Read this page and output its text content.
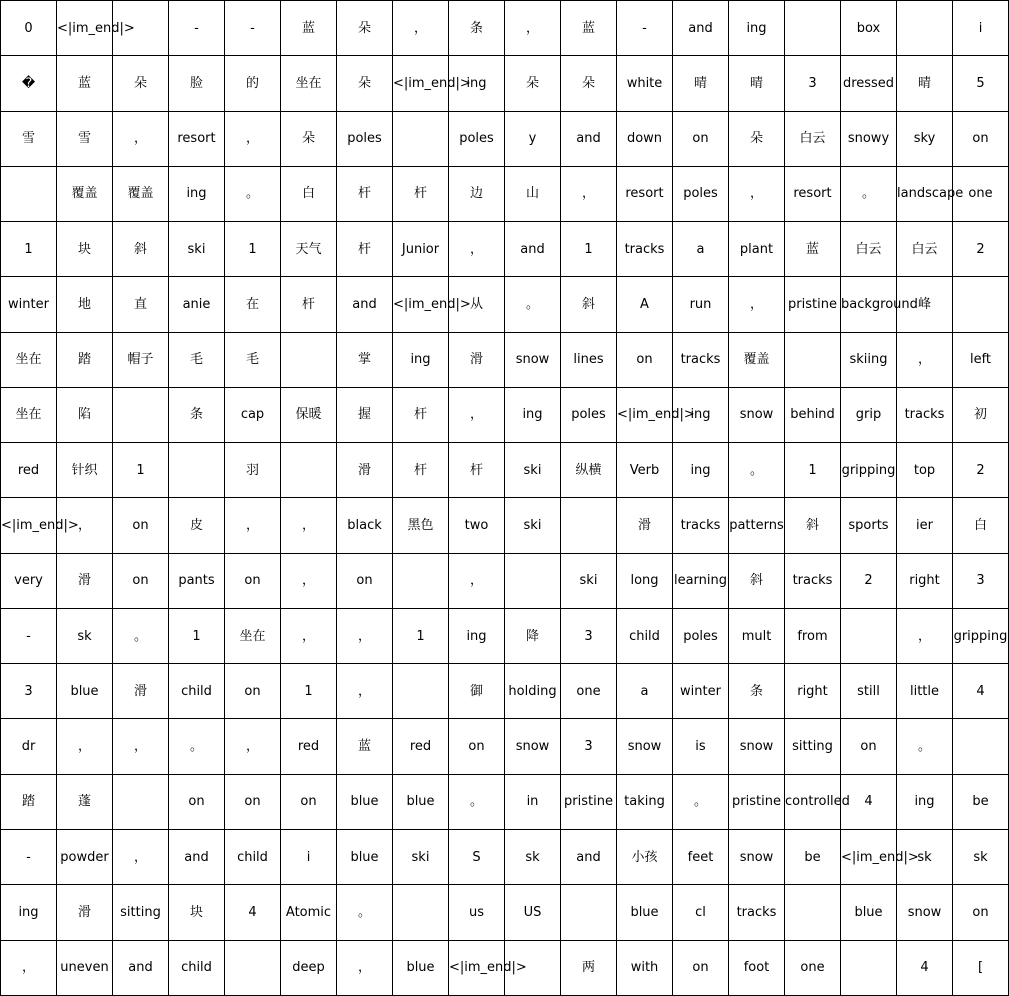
0	<|im_end|>		-	-	蓝	朵	，	条	，	蓝	-	and	ing		box		i
�	蓝	朵	脸	的	坐在	朵	<|im_end|>	ing	朵	朵	white	晴	晴	3	dressed	晴	5
雪	雪	，	resort	，	朵	poles		poles	y	and	down	on	朵	白云	snowy	sky	on
	覆盖	覆盖	ing	。	白	杆	杆	边	山	，	resort	poles	，	resort	。	landscape	one
1	块	斜	ski	1	天气	杆	Junior	，	and	1	tracks	a	plant	蓝	白云	白云	2
winter	地	直	anie	在	杆	and	<|im_end|>	从	。	斜	A	run	，	pristine	background	峰	
坐在	踏	帽子	毛	毛		掌	ing	滑	snow	lines	on	tracks	覆盖		skiing	，	left
坐在	陷		条	cap	保暖	握	杆	，	ing	poles	<|im_end|>	ing	snow	behind	grip	tracks	初
red	针织	1		羽		滑	杆	杆	ski	纵横	Verb	ing	。	1	gripping	top	2
<|im_end|>	，	on	皮	，	，	black	黑色	two	ski		滑	tracks	patterns	斜	sports	ier	白
very	滑	on	pants	on	，	on		，		ski	long	learning	斜	tracks	2	right	3
-	sk	。	1	坐在	，	，	1	ing	降	3	child	poles	mult	from		，	gripping
3	blue	滑	child	on	1	，		御	holding	one	a	winter	条	right	still	little	4
dr	，	，	。	，	red	蓝	red	on	snow	3	snow	is	snow	sitting	on	。	
踏	蓬		on	on	on	blue	blue	。	in	pristine	taking	。	pristine	controlled	4	ing	be
-	powder	，	and	child	i	blue	ski	S	sk	and	小孩	feet	snow	be	<|im_end|>	sk	sk
ing	滑	sitting	块	4	Atomic	。		us	US		blue	cl	tracks		blue	snow	on
，	uneven	and	child		deep	，	blue	<|im_end|>		两	with	on	foot	one		4	[
